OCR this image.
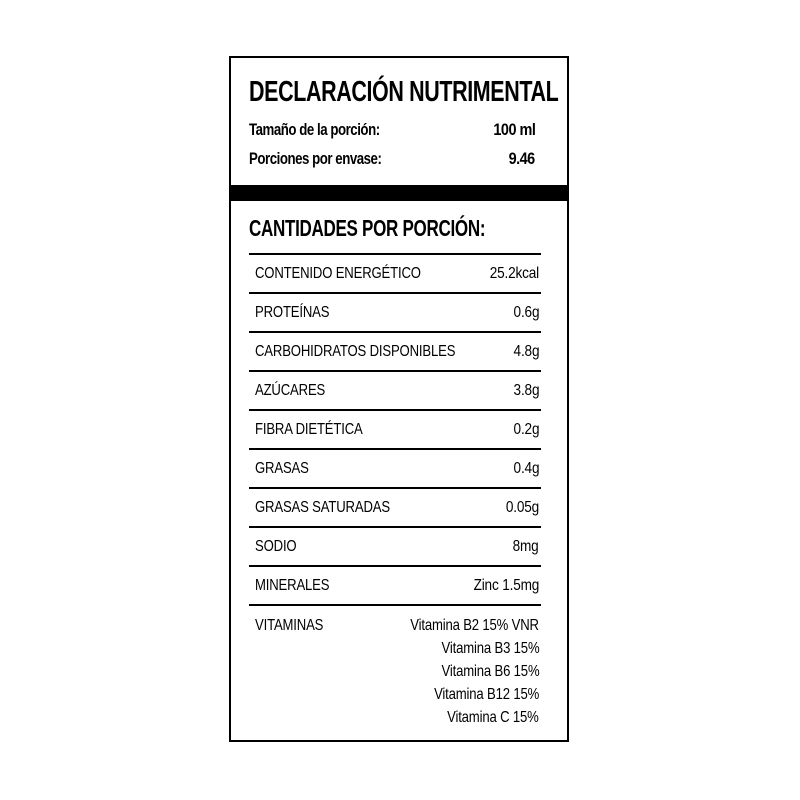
DECLARACIÓN NUTRIMENTAL
Tamaño de la porción:	100 ml
Porciones por envase:	9.46
CANTIDADES POR PORCIÓN:
CONTENIDO ENERGÉTICO	25.2kcal
PROTEÍNAS	0.6g
CARBOHIDRATOS DISPONIBLES	4.8g
AZÚCARES	3.8g
FIBRA DIETÉTICA	0.2g
GRASAS	0.4g
GRASAS SATURADAS	0.05g
SODIO	8mg
MINERALES	Zinc 1.5mg
VITAMINAS	Vitamina B2 15% VNR
Vitamina B3 15%
Vitamina B6 15%
Vitamina B12 15%
Vitamina C 15%
